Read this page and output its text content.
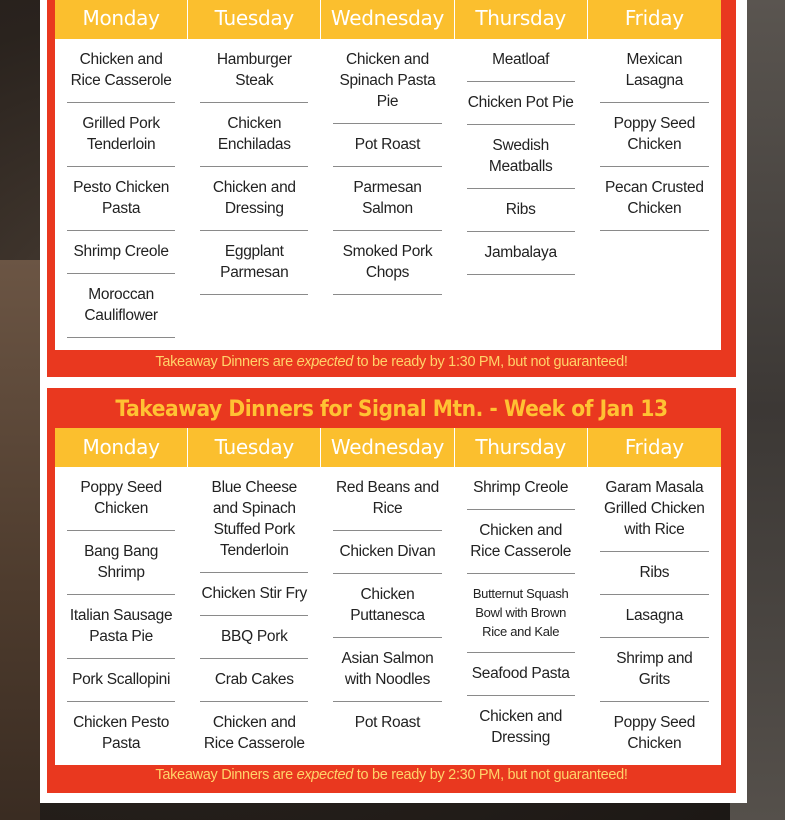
Monday
Chicken and Rice Casserole
Grilled Pork Tenderloin
Pesto Chicken Pasta
Shrimp Creole
Moroccan Cauliflower
Tuesday
Hamburger Steak
Chicken Enchiladas
Chicken and Dressing
Eggplant Parmesan
Wednesday
Chicken and Spinach Pasta Pie
Pot Roast
Parmesan Salmon
Smoked Pork Chops
Thursday
Meatloaf
Chicken Pot Pie
Swedish Meatballs
Ribs
Jambalaya
Friday
Mexican Lasagna
Poppy Seed Chicken
Pecan Crusted Chicken
Takeaway Dinners are expected to be ready by 1:30 PM, but not guaranteed!
Takeaway Dinners for Signal Mtn. - Week of Jan 13
Monday
Poppy Seed Chicken
Bang Bang Shrimp
Italian Sausage Pasta Pie
Pork Scallopini
Chicken Pesto Pasta
Tuesday
Blue Cheese and Spinach Stuffed Pork Tenderloin
Chicken Stir Fry
BBQ Pork
Crab Cakes
Chicken and Rice Casserole
Wednesday
Red Beans and Rice
Chicken Divan
Chicken Puttanesca
Asian Salmon with Noodles
Pot Roast
Thursday
Shrimp Creole
Chicken and Rice Casserole
Butternut Squash Bowl with Brown Rice and Kale
Seafood Pasta
Chicken and Dressing
Friday
Garam Masala Grilled Chicken with Rice
Ribs
Lasagna
Shrimp and Grits
Poppy Seed Chicken
Takeaway Dinners are expected to be ready by 2:30 PM, but not guaranteed!
